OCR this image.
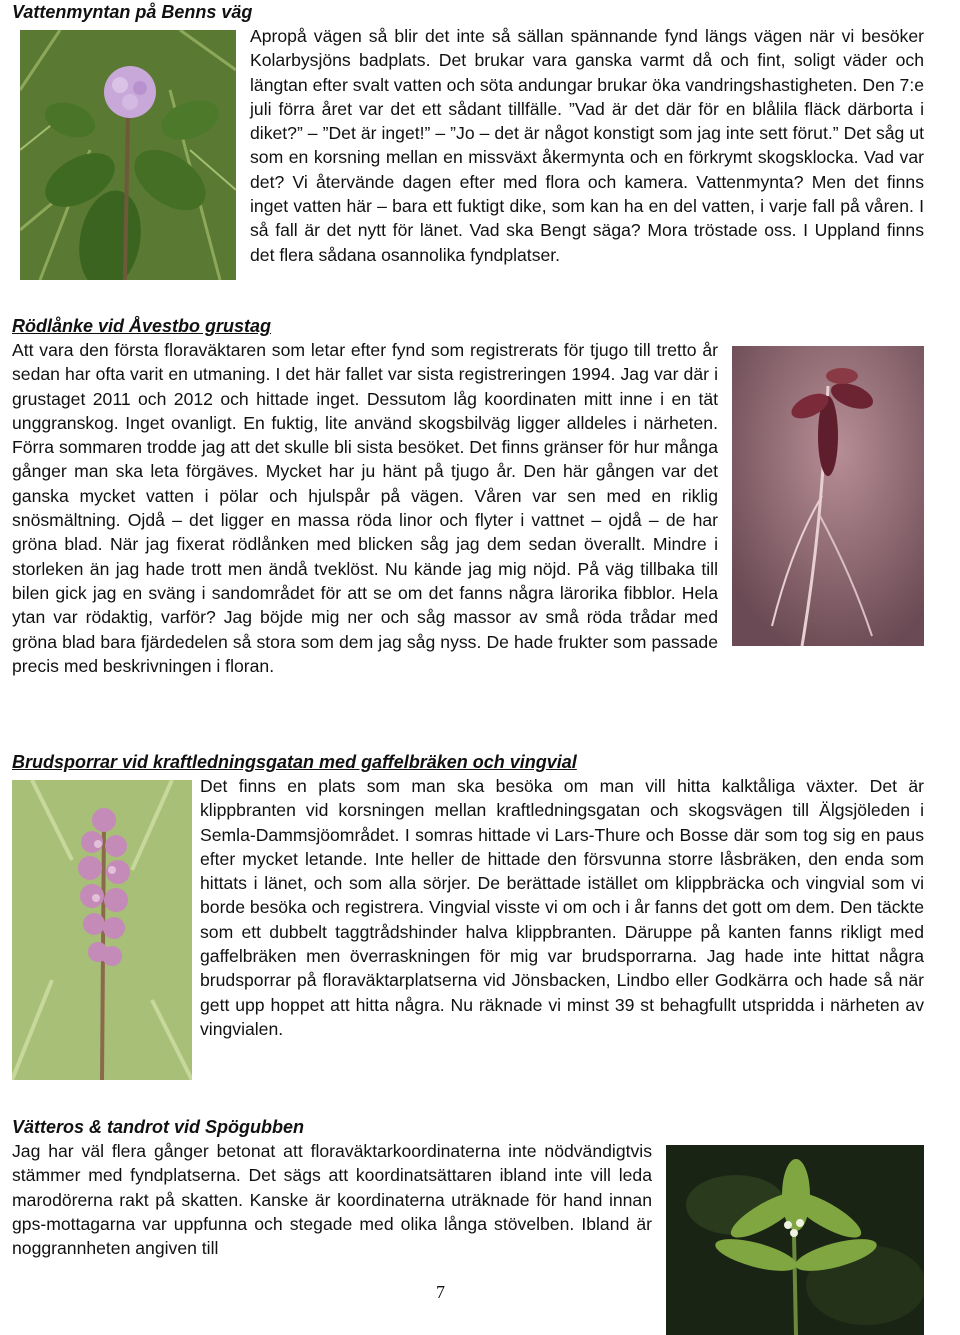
Vattenmyntan på Benns väg

Apropå vägen så blir det inte så sällan spännande fynd längs vägen när vi besöker Kolarbysjöns badplats. Det brukar vara ganska varmt då och fint, soligt väder och längtan efter svalt vatten och söta andungar brukar öka vandringshastigheten. Den 7:e juli förra året var det ett sådant tillfälle. ”Vad är det där för en blålila fläck därborta i diket?” – ”Det är inget!” – ”Jo – det är något konstigt som jag inte sett förut.” Det såg ut som en korsning mellan en missväxt åkermynta och en förkrymt skogsklocka. Vad var det? Vi återvände dagen efter med flora och kamera. Vattenmynta? Men det finns inget vatten här – bara ett fuktigt dike, som kan ha en del vatten, i varje fall på våren. I så fall är det nytt för länet. Vad ska Bengt säga? Mora tröstade oss. I Uppland finns det flera sådana osannolika fyndplatser.

Rödlånke vid Åvestbo grustag

Att vara den första floraväktaren som letar efter fynd som registrerats för tjugo till tretto år sedan har ofta varit en utmaning. I det här fallet var sista registreringen 1994. Jag var där i grustaget 2011 och 2012 och hittade inget. Dessutom låg koordinaten mitt inne i en tät unggranskog. Inget ovanligt. En fuktig, lite använd skogsbilväg ligger alldeles i närheten. Förra sommaren trodde jag att det skulle bli sista besöket. Det finns gränser för hur många gånger man ska leta förgäves. Mycket har ju hänt på tjugo år. Den här gången var det ganska mycket vatten i pölar och hjulspår på vägen. Våren var sen med en riklig snösmältning. Ojdå – det ligger en massa röda linor och flyter i vattnet – ojdå – de har gröna blad. När jag fixerat rödlånken med blicken såg jag dem sedan överallt. Mindre i storleken än jag hade trott men ändå tveklöst. Nu kände jag mig nöjd. På väg tillbaka till bilen gick jag en sväng i sandområdet för att se om det fanns några lärorika fibblor. Hela ytan var rödaktig, varför? Jag böjde mig ner och såg massor av små röda trådar med gröna blad bara fjärdedelen så stora som dem jag såg nyss. De hade frukter som passade precis med beskrivningen i floran.

Brudsporrar vid kraftledningsgatan med gaffelbräken och vingvial

Det finns en plats som man ska besöka om man vill hitta kalktåliga växter. Det är klippbranten vid korsningen mellan kraftledningsgatan och skogsvägen till Älgsjöleden i Semla-Dammsjöområdet. I somras hittade vi Lars-Thure och Bosse där som tog sig en paus efter mycket letande. Inte heller de hittade den försvunna storre låsbräken, den enda som hittats i länet, och som alla sörjer. De berättade istället om klippbräcka och vingvial som vi borde besöka och registrera. Vingvial visste vi om och i år fanns det gott om dem. Den täckte som ett dubbelt taggtrådshinder halva klippbranten. Däruppe på kanten fanns rikligt med gaffelbräken men överraskningen för mig var brudsporrarna. Jag hade inte hittat några brudsporrar på floraväktarplatserna vid Jönsbacken, Lindbo eller Godkärra och hade så när gett upp hoppet att hitta några. Nu räknade vi minst 39 st behagfullt utspridda i närheten av vingvialen.

Vätteros & tandrot vid Spögubben

Jag har väl flera gånger betonat att floraväktarkoordinaterna inte nödvändigtvis stämmer med fyndplatserna. Det sägs att koordinatsättaren ibland inte vill leda marodörerna rakt på skatten. Kanske är koordinaterna uträknade för hand innan gps-mottagarna var uppfunna och stegade med olika långa stövelben. Ibland är noggrannheten angiven till

7
